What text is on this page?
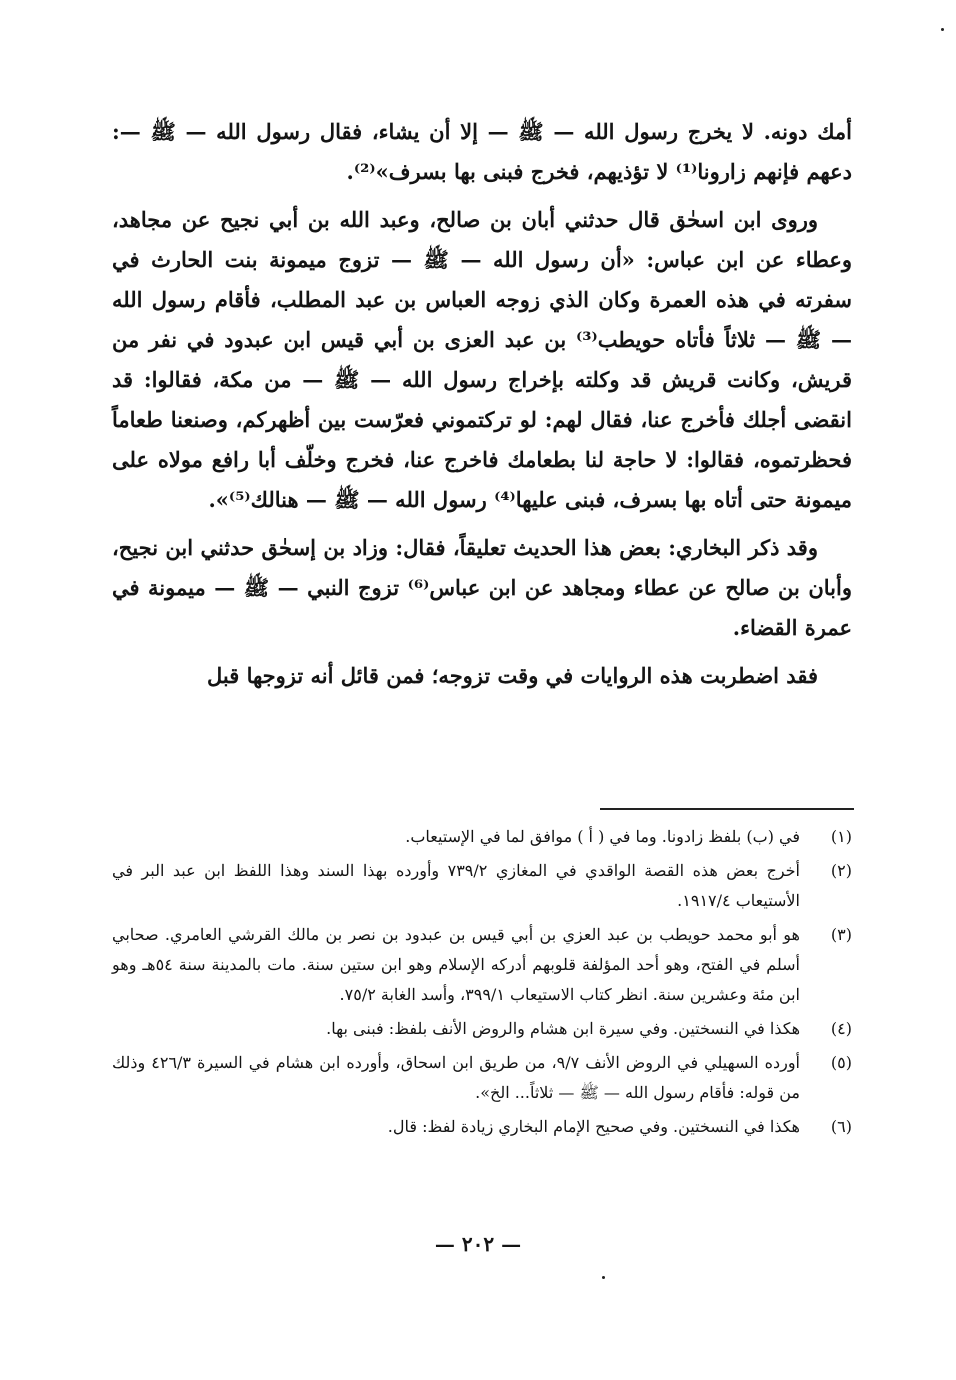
أمك دونه. لا يخرج رسول الله — ﷺ — إلا أن يشاء، فقال رسول الله — ﷺ —: دعهم فإنهم زارونا⁽¹⁾ لا تؤذيهم، فخرج فبنى بها بسرف»⁽²⁾.

وروى ابن اسحٰق قال حدثني أبان بن صالح، وعبد الله بن أبي نجيح عن مجاهد، وعطاء عن ابن عباس: «أن رسول الله — ﷺ — تزوج ميمونة بنت الحارث في سفرته في هذه العمرة وكان الذي زوجه العباس بن عبد المطلب، فأقام رسول الله — ﷺ — ثلاثاً فأتاه حويطب⁽³⁾ بن عبد العزى بن أبي قيس ابن عبدود في نفر من قريش، وكانت قريش قد وكلته بإخراج رسول الله — ﷺ — من مكة، فقالوا: قد انقضى أجلك فأخرج عنا، فقال لهم: لو تركتموني فعرّست بين أظهركم، وصنعنا طعاماً فحظرتموه، فقالوا: لا حاجة لنا بطعامك فاخرج عنا، فخرج وخلّف أبا رافع مولاه على ميمونة حتى أتاه بها بسرف، فبنى عليها⁽⁴⁾ رسول الله — ﷺ — هنالك⁽⁵⁾».

وقد ذكر البخاري: بعض هذا الحديث تعليقاً، فقال: وزاد بن إسحٰق حدثني ابن نجيح، وأبان بن صالح عن عطاء ومجاهد عن ابن عباس⁽⁶⁾ تزوج النبي — ﷺ — ميمونة في عمرة القضاء.

فقد اضطربت هذه الروايات في وقت تزوجه؛ فمن قائل أنه تزوجها قبل

(١)
في (ب) بلفظ زادونا. وما في ( أ ) موافق لما في الإستيعاب.
(٢)
أخرج بعض هذه القصة الواقدي في المغازي ٧٣٩/٢ وأورده بهذا السند وهذا اللفظ ابن عبد البر في الأستيعاب ١٩١٧/٤.
(٣)
هو أبو محمد حويطب بن عبد العزي بن أبي قيس بن عبدود بن نصر بن مالك القرشي العامري. صحابي أسلم في الفتح، وهو أحد المؤلفة قلوبهم أدركه الإسلام وهو ابن ستين سنة. مات بالمدينة سنة ٥٤هـ وهو ابن مئة وعشرين سنة. انظر كتاب الاستيعاب ٣٩٩/١، وأسد الغابة ٧٥/٢.
(٤)
هكذا في النسختين. وفي سيرة ابن هشام والروض الأنف بلفظ: فبنى بها.
(٥)
أورده السهيلي في الروض الأنف ٩/٧، من طريق ابن اسحاق، وأورده ابن هشام في السيرة ٤٢٦/٣ وذلك من قوله: فأقام رسول الله — ﷺ — ثلاثاً... الخ».
(٦)
هكذا في النسختين. وفي صحيح الإمام البخاري زيادة لفظ: قال.
— ٢٠٢ —
